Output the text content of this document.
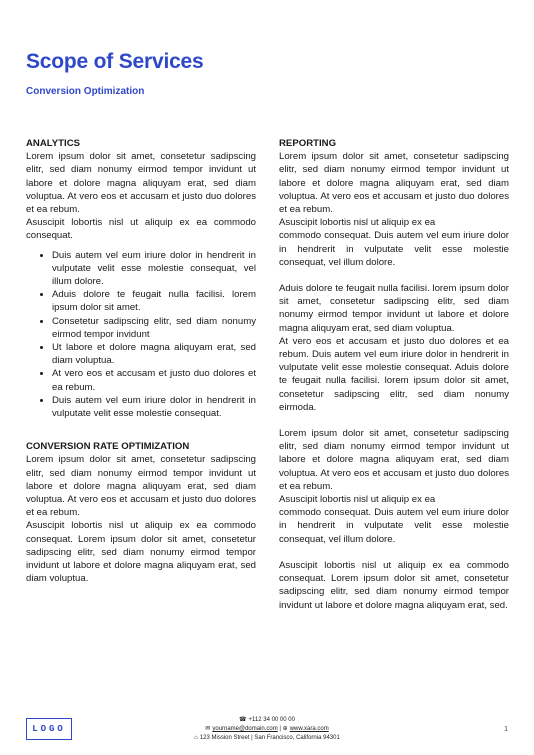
Scope of Services
Conversion Optimization
ANALYTICS
Lorem ipsum dolor sit amet, consetetur sadipscing elitr, sed diam nonumy eirmod tempor invidunt ut labore et dolore magna aliquyam erat, sed diam voluptua. At vero eos et accusam et justo duo dolores et ea rebum.
Asuscipit lobortis nisl ut aliquip ex ea commodo consequat.
• Duis autem vel eum iriure dolor in hendrerit in vulputate velit esse molestie consequat, vel illum dolore.
• Aduis dolore te feugait nulla facilisi. lorem ipsum dolor sit amet.
• Consetetur sadipscing elitr, sed diam nonumy eirmod tempor invidunt
• Ut labore et dolore magna aliquyam erat, sed diam voluptua.
• At vero eos et accusam et justo duo dolores et ea rebum.
• Duis autem vel eum iriure dolor in hendrerit in vulputate velit esse molestie consequat.
CONVERSION RATE OPTIMIZATION
Lorem ipsum dolor sit amet, consetetur sadipscing elitr, sed diam nonumy eirmod tempor invidunt ut labore et dolore magna aliquyam erat, sed diam voluptua. At vero eos et accusam et justo duo dolores et ea rebum.
Asuscipit lobortis nisl ut aliquip ex ea commodo consequat. Lorem ipsum dolor sit amet, consetetur sadipscing elitr, sed diam nonumy eirmod tempor invidunt ut labore et dolore magna aliquyam erat, sed diam voluptua.
REPORTING
Lorem ipsum dolor sit amet, consetetur sadipscing elitr, sed diam nonumy eirmod tempor invidunt ut labore et dolore magna aliquyam erat, sed diam voluptua. At vero eos et accusam et justo duo dolores et ea rebum.
Asuscipit lobortis nisl ut aliquip ex ea
commodo consequat. Duis autem vel eum iriure dolor in hendrerit in vulputate velit esse molestie consequat, vel illum dolore.
Aduis dolore te feugait nulla facilisi. lorem ipsum dolor sit amet, consetetur sadipscing elitr, sed diam nonumy eirmod tempor invidunt ut labore et dolore magna aliquyam erat, sed diam voluptua.
At vero eos et accusam et justo duo dolores et ea rebum. Duis autem vel eum iriure dolor in hendrerit in vulputate velit esse molestie consequat. Aduis dolore te feugait nulla facilisi. lorem ipsum dolor sit amet, consetetur sadipscing elitr, sed diam nonumy eirmoda.
Lorem ipsum dolor sit amet, consetetur sadipscing elitr, sed diam nonumy eirmod tempor invidunt ut labore et dolore magna aliquyam erat, sed diam voluptua. At vero eos et accusam et justo duo dolores et ea rebum.
Asuscipit lobortis nisl ut aliquip ex ea
commodo consequat. Duis autem vel eum iriure dolor in hendrerit in vulputate velit esse molestie consequat, vel illum dolore.
Asuscipit lobortis nisl ut aliquip ex ea commodo consequat. Lorem ipsum dolor sit amet, consetetur sadipscing elitr, sed diam nonumy eirmod tempor invidunt ut labore et dolore magna aliquyam erat, sed.
LOGO
☎ +112 34 00 00 00
✉ yourname@domain.com | ⊕ www.xara.com
⌂ 123 Mission Street | San Francisco, California 94301
1
